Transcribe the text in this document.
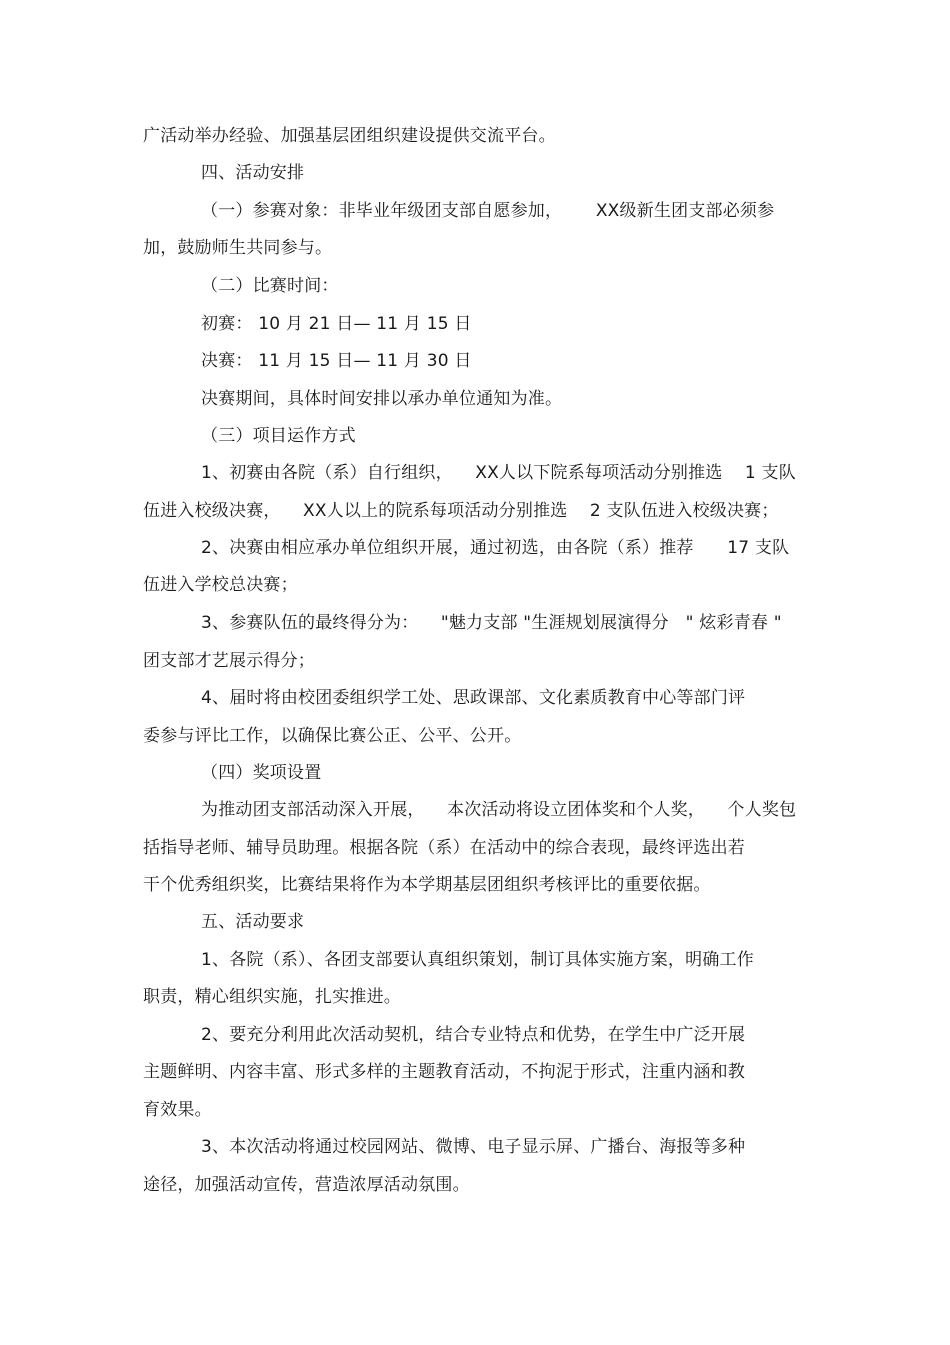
广活动举办经验、加强基层团组织建设提供交流平台。
四、活动安排
（一）参赛对象：非毕业年级团支部自愿参加，      XX级新生团支部必须参
加，鼓励师生共同参与。
（二）比赛时间：
初赛： 10 月 21 日— 11 月 15 日
决赛： 11 月 15 日— 11 月 30 日
决赛期间，具体时间安排以承办单位通知为准。
（三）项目运作方式
1、初赛由各院（系）自行组织，    XX人以下院系每项活动分别推选    1 支队
伍进入校级决赛，    XX人以上的院系每项活动分别推选    2 支队伍进入校级决赛；
2、决赛由相应承办单位组织开展，通过初选，由各院（系）推荐      17 支队
伍进入学校总决赛；
3、参赛队伍的最终得分为：    "魅力支部 "生涯规划展演得分   " 炫彩青春 "
团支部才艺展示得分；
4、届时将由校团委组织学工处、思政课部、文化素质教育中心等部门评
委参与评比工作，以确保比赛公正、公平、公开。
（四）奖项设置
为推动团支部活动深入开展，    本次活动将设立团体奖和个人奖，    个人奖包
括指导老师、辅导员助理。根据各院（系）在活动中的综合表现，最终评选出若
干个优秀组织奖，比赛结果将作为本学期基层团组织考核评比的重要依据。
五、活动要求
1、各院（系）、各团支部要认真组织策划，制订具体实施方案，明确工作
职责，精心组织实施，扎实推进。
2、要充分利用此次活动契机，结合专业特点和优势，在学生中广泛开展
主题鲜明、内容丰富、形式多样的主题教育活动，不拘泥于形式，注重内涵和教
育效果。
3、本次活动将通过校园网站、微博、电子显示屏、广播台、海报等多种
途径，加强活动宣传，营造浓厚活动氛围。
